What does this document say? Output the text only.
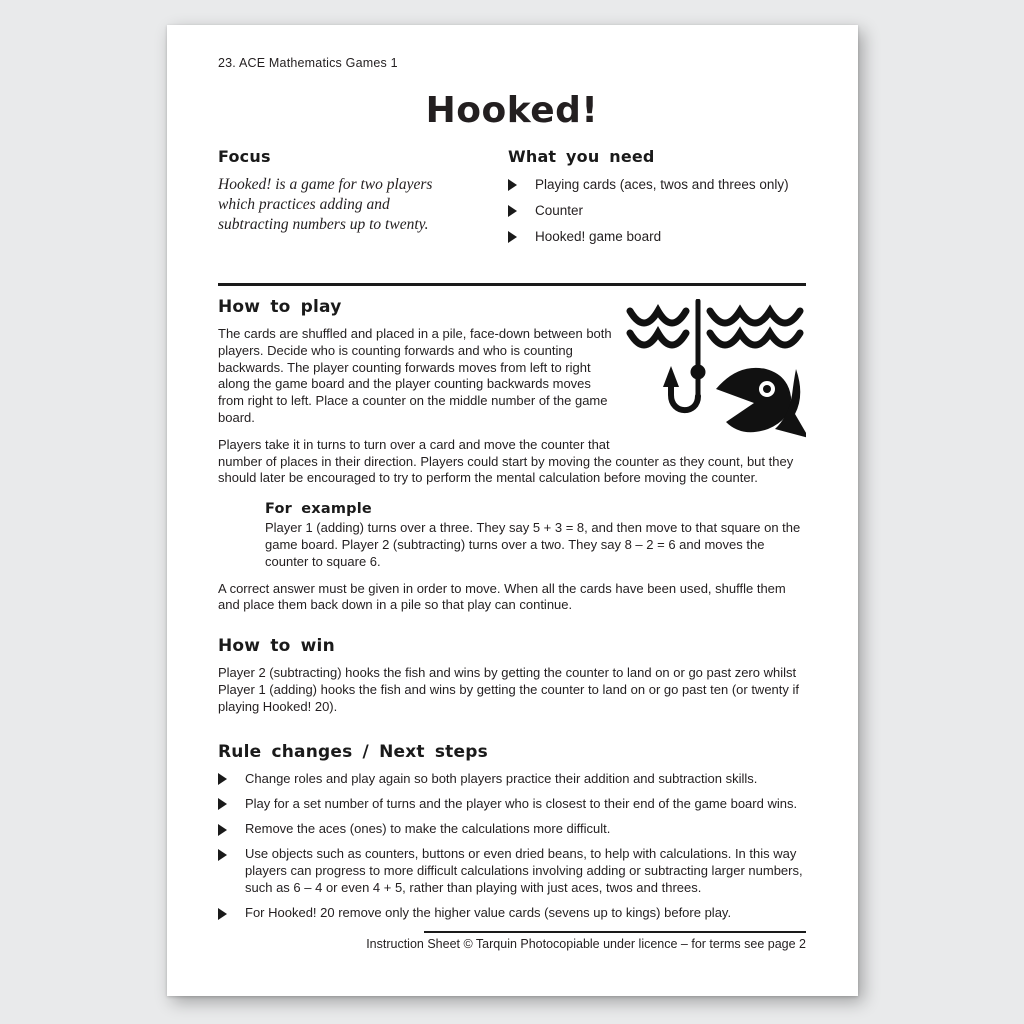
23. ACE Mathematics Games 1
Hooked!
Focus
Hooked! is a game for two players which practices adding and subtracting numbers up to twenty.
What you need
Playing cards (aces, twos and threes only)
Counter
Hooked! game board
How to play

The cards are shuffled and placed in a pile, face-down between both players. Decide who is counting forwards and who is counting backwards. The player counting forwards moves from left to right along the game board and the player counting backwards moves from right to left. Place a counter on the middle number of the game board.

Players take it in turns to turn over a card and move the counter that number of places in their direction. Players could start by moving the counter as they count, but they should later be encouraged to try to perform the mental calculation before moving the counter.

For example

Player 1 (adding) turns over a three. They say 5 + 3 = 8, and then move to that square on the game board. Player 2 (subtracting) turns over a two. They say 8 – 2 = 6 and moves the counter to square 6.

A correct answer must be given in order to move. When all the cards have been used, shuffle them and place them back down in a pile so that play can continue.

How to win

Player 2 (subtracting) hooks the fish and wins by getting the counter to land on or go past zero whilst Player 1 (adding) hooks the fish and wins by getting the counter to land on or go past ten (or twenty if playing Hooked! 20).

Rule changes / Next steps
Change roles and play again so both players practice their addition and subtraction skills.
Play for a set number of turns and the player who is closest to their end of the game board wins.
Remove the aces (ones) to make the calculations more difficult.
Use objects such as counters, buttons or even dried beans, to help with calculations. In this way players can progress to more difficult calculations involving adding or subtracting larger numbers, such as 6 – 4 or even 4 + 5, rather than playing with just aces, twos and threes.
For Hooked! 20 remove only the higher value cards (sevens up to kings) before play.
Instruction Sheet © Tarquin Photocopiable under licence – for terms see page 2
